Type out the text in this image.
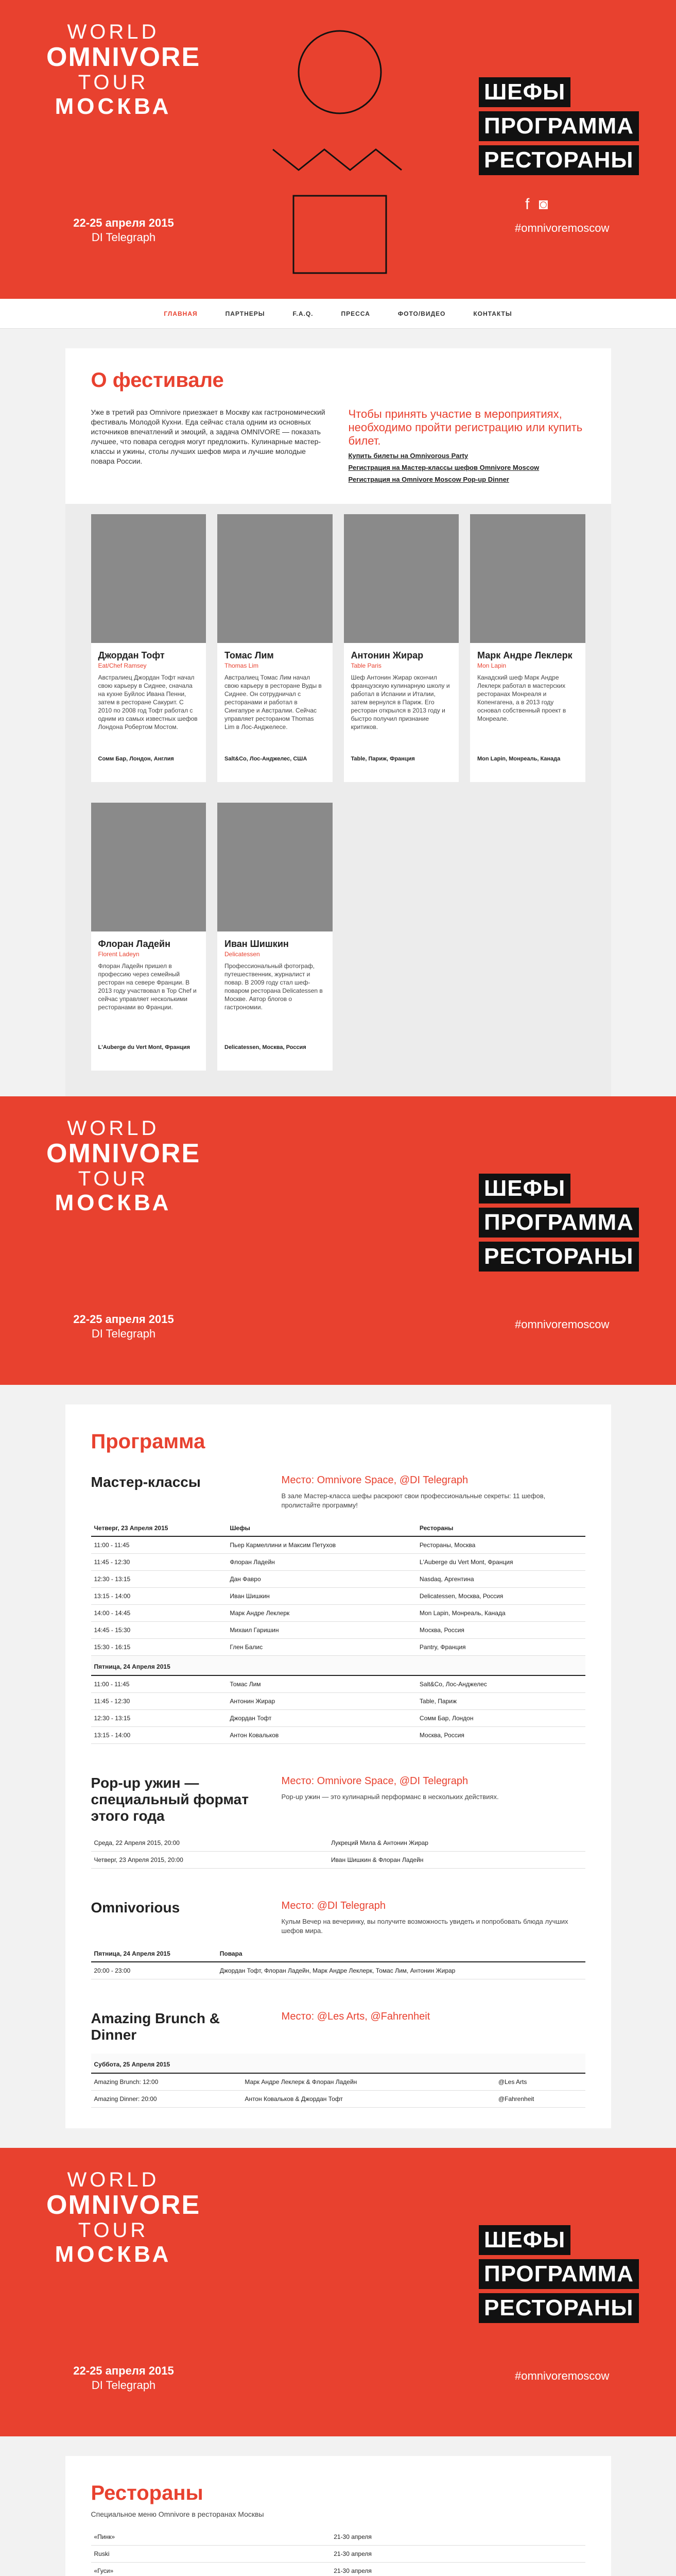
WORLD
OMNIVORE
TOUR
МОСКВА
22-25 апреля 2015
DI Telegraph
ШЕФЫ
ПРОГРАММА
РЕСТОРАНЫ
f ◙
#omnivoremoscow
ГЛАВНАЯ	ПАРТНЕРЫ	F.A.Q.	ПРЕССА	ФОТО/ВИДЕО	КОНТАКТЫ
О фестивале
Уже в третий раз Omnivore приезжает в Москву как гастрономический фестиваль Молодой Кухни. Еда сейчас стала одним из основных источников впечатлений и эмоций, а задача OMNIVORE — показать лучшее, что повара сегодня могут предложить. Кулинарные мастер-классы и ужины, столы лучших шефов мира и лучшие молодые повара России.
Чтобы принять участие в мероприятиях, необходимо пройти регистрацию или купить билет.
Купить билеты на Omnivorous Party
Регистрация на Мастер-классы шефов Omnivore Moscow
Регистрация на Omnivore Moscow Pop-up Dinner
Джордан Тофт
Eat/Chef Ramsey
Австралиец Джордан Тофт начал свою карьеру в Сиднее, сначала на кухне Буйлос Ивана Пенни, затем в ресторане Сакурит. С 2010 по 2008 год Тофт работал с одним из самых известных шефов Лондона Робертом Мостом.
Сомм Бар, Лондон, Англия
Томас Лим
Thomas Lim
Австралиец Томас Лим начал свою карьеру в ресторане Вуды в Сиднее. Он сотрудничал с ресторанами и работал в Сингапуре и Австралии. Сейчас управляет рестораном Thomas Lim в Лос-Анджелесе.
Salt&Co, Лос-Анджелес, США
Антонин Жирар
Table Paris
Шеф Антонин Жирар окончил французскую кулинарную школу и работал в Испании и Италии, затем вернулся в Париж. Его ресторан открылся в 2013 году и быстро получил признание критиков.
Table, Париж, Франция
Марк Андре Леклерк
Mon Lapin
Канадский шеф Марк Андре Леклерк работал в мастерских ресторанах Монреаля и Копенгагена, а в 2013 году основал собственный проект в Монреале.
Mon Lapin, Монреаль, Канада
Флоран Ладейн
Florent Ladeyn
Флоран Ладейн пришел в профессию через семейный ресторан на севере Франции. В 2013 году участвовал в Top Chef и сейчас управляет несколькими ресторанами во Франции.
L'Auberge du Vert Mont, Франция
Иван Шишкин
Delicatessen
Профессиональный фотограф, путешественник, журналист и повар. В 2009 году стал шеф-поваром ресторана Delicatessen в Москве. Автор блогов о гастрономии.
Delicatessen, Москва, Россия
WORLD
OMNIVORE
TOUR
МОСКВА
22-25 апреля 2015
DI Telegraph
ШЕФЫ
ПРОГРАММА
РЕСТОРАНЫ
#omnivoremoscow
Программа
Мастер-классы	Место: Omnivore Space, @DI Telegraph
В зале Мастер-класса шефы раскроют свои профессиональные секреты: 11 шефов, пролистайте программу!
Четверг, 23 Апреля 2015	Шефы	Рестораны
11:00 - 11:45	Пьер Кармеллини и Максим Петухов	Рестораны, Москва
11:45 - 12:30	Флоран Ладейн	L'Auberge du Vert Mont, Франция
12:30 - 13:15	Дан Фавро	Nasdaq, Аргентина
13:15 - 14:00	Иван Шишкин	Delicatessen, Москва, Россия
14:00 - 14:45	Марк Андре Леклерк	Mon Lapin, Монреаль, Канада
14:45 - 15:30	Михаил Гаришин	Москва, Россия
15:30 - 16:15	Глен Балис	Pantry, Франция
Пятница, 24 Апреля 2015		
11:00 - 11:45	Томас Лим	Salt&Co, Лос-Анджелес
11:45 - 12:30	Антонин Жирар	Table, Париж
12:30 - 13:15	Джордан Тофт	Сомм Бар, Лондон
13:15 - 14:00	Антон Ковальков	Москва, Россия
Pop-up ужин — специальный формат этого года
Место: Omnivore Space, @DI Telegraph
Pop-up ужин — это кулинарный перформанс в нескольких действиях.
Среда, 22 Апреля 2015, 20:00	Лукреций Мила & Антонин Жирар
Четверг, 23 Апреля 2015, 20:00	Иван Шишкин & Флоран Ладейн
Omnivorious	Место: @DI Telegraph
Кульм Вечер на вечеринку, вы получите возможность увидеть и попробовать блюда лучших шефов мира.
Пятница, 24 Апреля 2015	Повара
20:00 - 23:00	Джордан Тофт, Флоран Ладейн, Марк Андре Леклерк, Томас Лим, Антонин Жирар
Amazing Brunch & Dinner
Место: @Les Arts, @Fahrenheit
Суббота, 25 Апреля 2015		
Amazing Brunch: 12:00	Марк Андре Леклерк & Флоран Ладейн	@Les Arts
Amazing Dinner: 20:00	Антон Ковальков & Джордан Тофт	@Fahrenheit
WORLD
OMNIVORE
TOUR
МОСКВА
22-25 апреля 2015
DI Telegraph
ШЕФЫ
ПРОГРАММА
РЕСТОРАНЫ
#omnivoremoscow
Рестораны
Специальное меню Omnivore в ресторанах Москвы
«Пинк»	21-30 апреля
Ruski	21-30 апреля
«Гуси»	21-30 апреля
